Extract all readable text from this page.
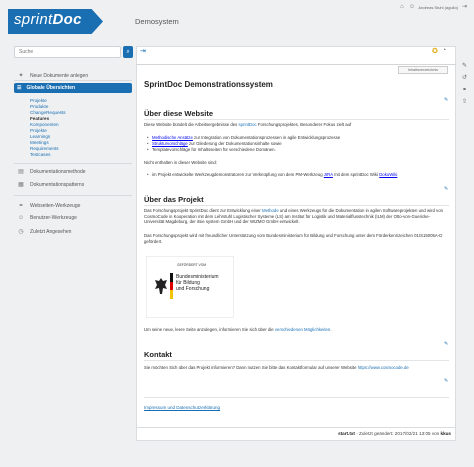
sprintDoc	Demosystem
⌂ ☺ Andreas Stuhl (agullo) ⇥
Suche
⌕
✦ Neue Dokumente anlegen
☰ Globale Übersichten
Projekte
Produkte
ChangeRequests
Features
Komponenten
Projekte
Learnings
Meetings
Requirements
Testcases
▤ Dokumentationsmethode
▦ Dokumentationspatterns
⚭ Webseiten-Werkzeuge
☺ Benutzer-Werkzeuge
◷ Zuletzt Angesehen
⇥	✪ ◔
Inhaltsverzeichnis
SprintDoc Demonstrationssystem
✎
Über diese Website
Diese Website bündelt die Arbeitsergebnisse des sprintDoc Forschungsprojektes. Besonderer Fokus zielt auf
• Methodische Ansätze zur Integration von Dokumentationsprozessen in agile Entwicklungsprozesse
• Strukturvorschläge zur Gliederung der Dokumentationsinhalte sowie
• Templatevorschläge für Inhaltsseiten für verschiedene Domänen.
Nicht enthalten in dieser Website sind:
• im Projekt entwickelte Werkzeugdemonstratoren zur Verknüpfung von dem PM-Werkzeug JIRA mit dem sprintDoc Wiki DokuWiki
✎
Über das Projekt
Das Forschungsprojekt SprintDoc dient zur Entwicklung einer Methode und eines Werkzeugs für die Dokumentation in agilen Softwareprojekten und wird von CosmoCode in Kooperation mit dem Lehrstuhl Logistischer Systeme (LS) am Institut für Logistik und Materialflusstechnik (ILM) der Otto-von-Guericke-Universität Magdeburg, der itsie system GmbH und der WIZMO GmbH entwickelt.
Das Forschungsprojekt wird mit freundlicher Unterstützung vom Bundesministerium für Bildung und Forschung unter dem Förderkennzeichen 01IS15005A-D gefördert.
GEFÖRDERT VOM
Bundesministerium
für Bildung
und Forschung
Um seine neue, leere Seite anzulegen, informieren Sie sich über die verschiedenen Möglichkeiten.
✎
Kontakt
Sie möchten Sich über das Projekt informieren? Dann nutzen Sie bitte das Kontaktformular auf unserer Website https://www.cosmocode.de
✎
Impressum und Datenschutzerklärung
start.txt · Zuletzt geändert: 2017/02/21 13:05 von kkus
✎
↺
⚭
⇧
